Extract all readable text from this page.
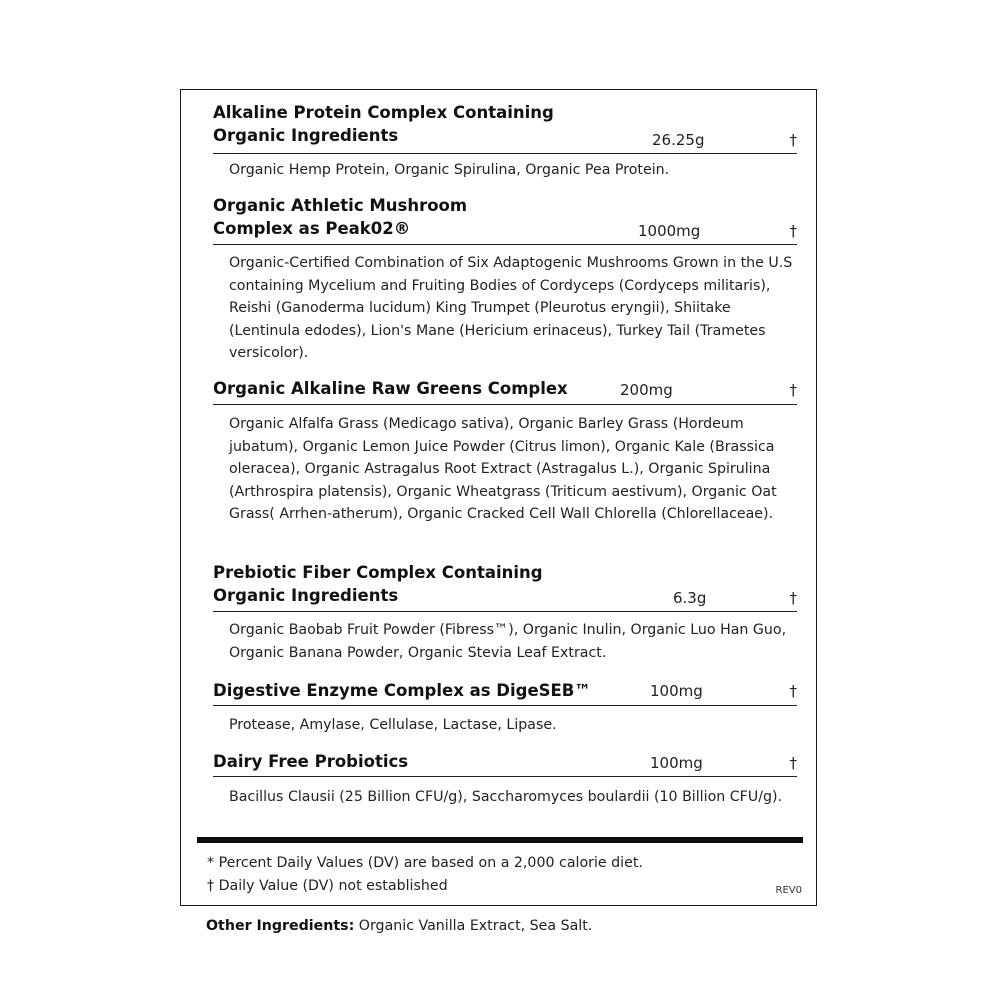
Alkaline Protein Complex Containing
Organic Ingredients	26.25g	†
Organic Hemp Protein, Organic Spirulina, Organic Pea Protein.
Organic Athletic Mushroom
Complex as Peak02®	1000mg	†
Organic-Certified Combination of Six Adaptogenic Mushrooms Grown in the U.S containing Mycelium and Fruiting Bodies of Cordyceps (Cordyceps militaris), Reishi (Ganoderma lucidum) King Trumpet (Pleurotus eryngii), Shiitake (Lentinula edodes), Lion's Mane (Hericium erinaceus), Turkey Tail (Trametes versicolor).
Organic Alkaline Raw Greens Complex	200mg	†
Organic Alfalfa Grass (Medicago sativa), Organic Barley Grass (Hordeum jubatum), Organic Lemon Juice Powder (Citrus limon), Organic Kale (Brassica oleracea), Organic Astragalus Root Extract (Astragalus L.), Organic Spirulina (Arthrospira platensis), Organic Wheatgrass (Triticum aestivum), Organic Oat Grass( Arrhen-atherum), Organic Cracked Cell Wall Chlorella (Chlorellaceae).
Prebiotic Fiber Complex Containing
Organic Ingredients	6.3g	†
Organic Baobab Fruit Powder (Fibress™), Organic Inulin, Organic Luo Han Guo, Organic Banana Powder, Organic Stevia Leaf Extract.
Digestive Enzyme Complex as DigeSEB™	100mg	†
Protease, Amylase, Cellulase, Lactase, Lipase.
Dairy Free Probiotics	100mg	†
Bacillus Clausii (25 Billion CFU/g), Saccharomyces boulardii (10 Billion CFU/g).
* Percent Daily Values (DV) are based on a 2,000 calorie diet.
† Daily Value (DV) not established	REV0
Other Ingredients: Organic Vanilla Extract, Sea Salt.
